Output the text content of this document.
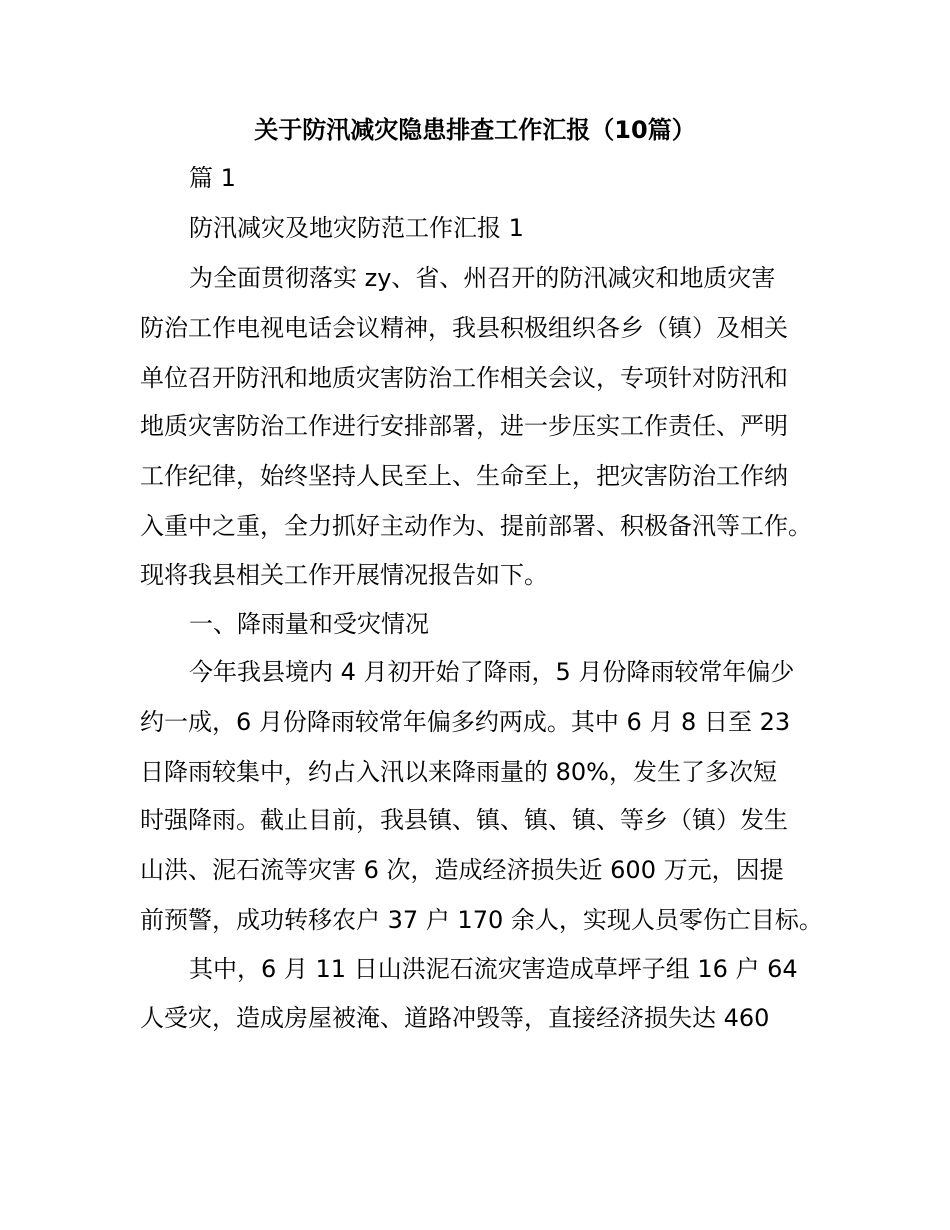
关于防汛减灾隐患排查工作汇报（10篇）
篇 1
防汛减灾及地灾防范工作汇报 1
为全面贯彻落实 zy、省、州召开的防汛减灾和地质灾害
防治工作电视电话会议精神，我县积极组织各乡（镇）及相关
单位召开防汛和地质灾害防治工作相关会议，专项针对防汛和
地质灾害防治工作进行安排部署，进一步压实工作责任、严明
工作纪律，始终坚持人民至上、生命至上，把灾害防治工作纳
入重中之重，全力抓好主动作为、提前部署、积极备汛等工作。
现将我县相关工作开展情况报告如下。
一、降雨量和受灾情况
今年我县境内 4 月初开始了降雨，5 月份降雨较常年偏少
约一成，6 月份降雨较常年偏多约两成。其中 6 月 8 日至 23
日降雨较集中，约占入汛以来降雨量的 80%，发生了多次短
时强降雨。截止目前，我县镇、镇、镇、镇、等乡（镇）发生
山洪、泥石流等灾害 6 次，造成经济损失近 600 万元，因提
前预警，成功转移农户 37 户 170 余人，实现人员零伤亡目标。
其中，6 月 11 日山洪泥石流灾害造成草坪子组 16 户 64
人受灾，造成房屋被淹、道路冲毁等，直接经济损失达 460
